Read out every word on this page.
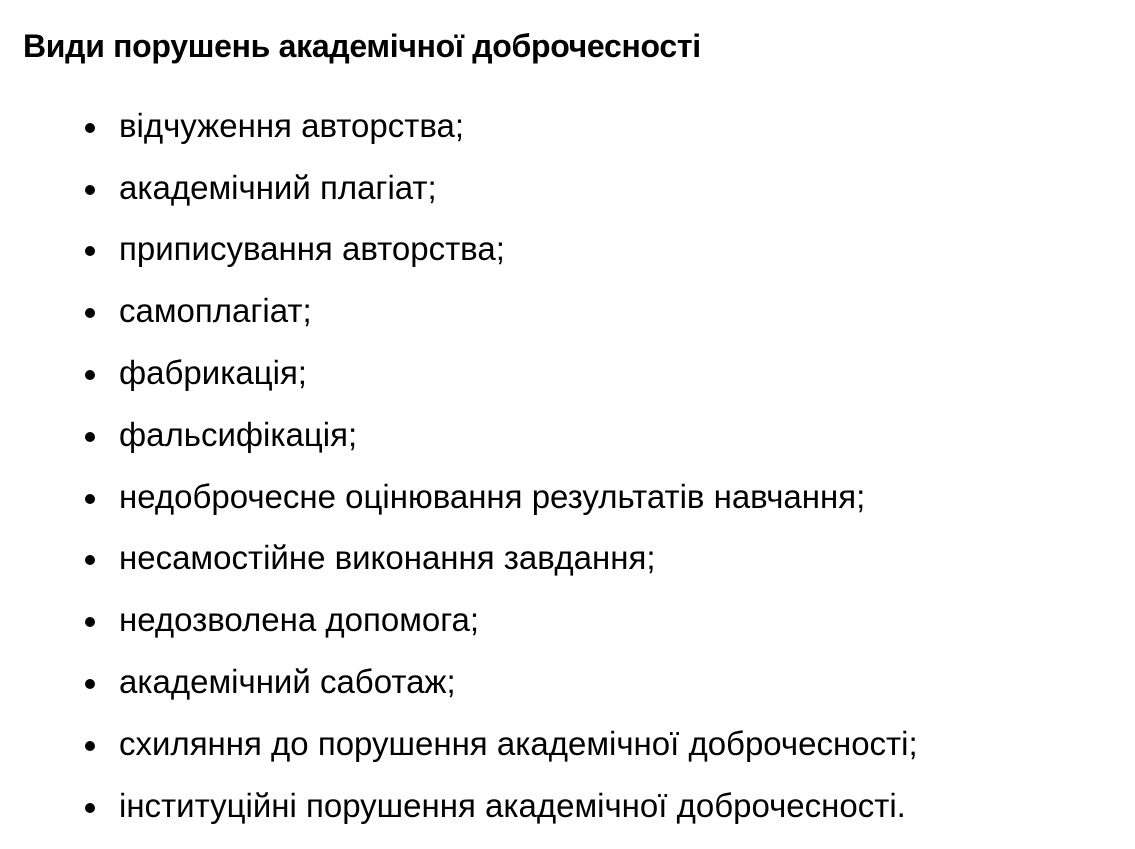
Види порушень академічної доброчесності
відчуження авторства;
академічний плагіат;
приписування авторства;
самоплагіат;
фабрикація;
фальсифікація;
недоброчесне оцінювання результатів навчання;
несамостійне виконання завдання;
недозволена допомога;
академічний саботаж;
схиляння до порушення академічної доброчесності;
інституційні порушення академічної доброчесності.
